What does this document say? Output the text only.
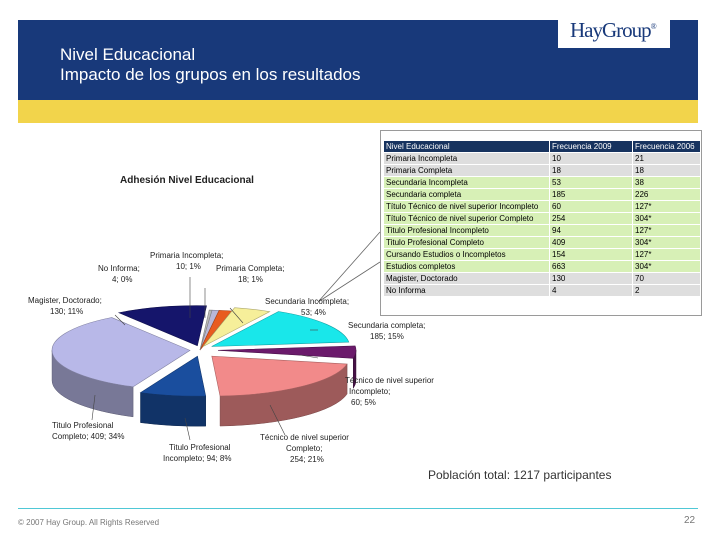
Nivel Educacional
Impacto de los grupos en los resultados
HayGroup®
Nivel Educacional	Frecuencia 2009	Frecuencia 2006
Primaria Incompleta	10	21
Primaria Completa	18	18
Secundaria Incompleta	53	38
Secundaria completa	185	226
Título Técnico de nivel superior Incompleto	60	127*
Título Técnico de nivel superior Completo	254	304*
Titulo Profesional Incompleto	94	127*
Titulo Profesional Completo	409	304*
Cursando Estudios o Incompletos	154	127*
Estudios completos	663	304*
Magister, Doctorado	130	70
No Informa	4	2
Adhesión Nivel Educacional
Población total: 1217 participantes
© 2007 Hay Group. All Rights Reserved	22
Primaria Incompleta;
10; 1%	Primaria Completa;
18; 1%
Secundaria Incompleta;
53; 4%
Secundaria completa;
185; 15%
Técnico de nivel superior
Incompleto;
60; 5%
Técnico de nivel superior
Completo;
254; 21%
Titulo Profesional
Incompleto; 94; 8%
Titulo Profesional
Completo; 409; 34%
Magister, Doctorado;
130; 11%
No Informa;
4; 0%
